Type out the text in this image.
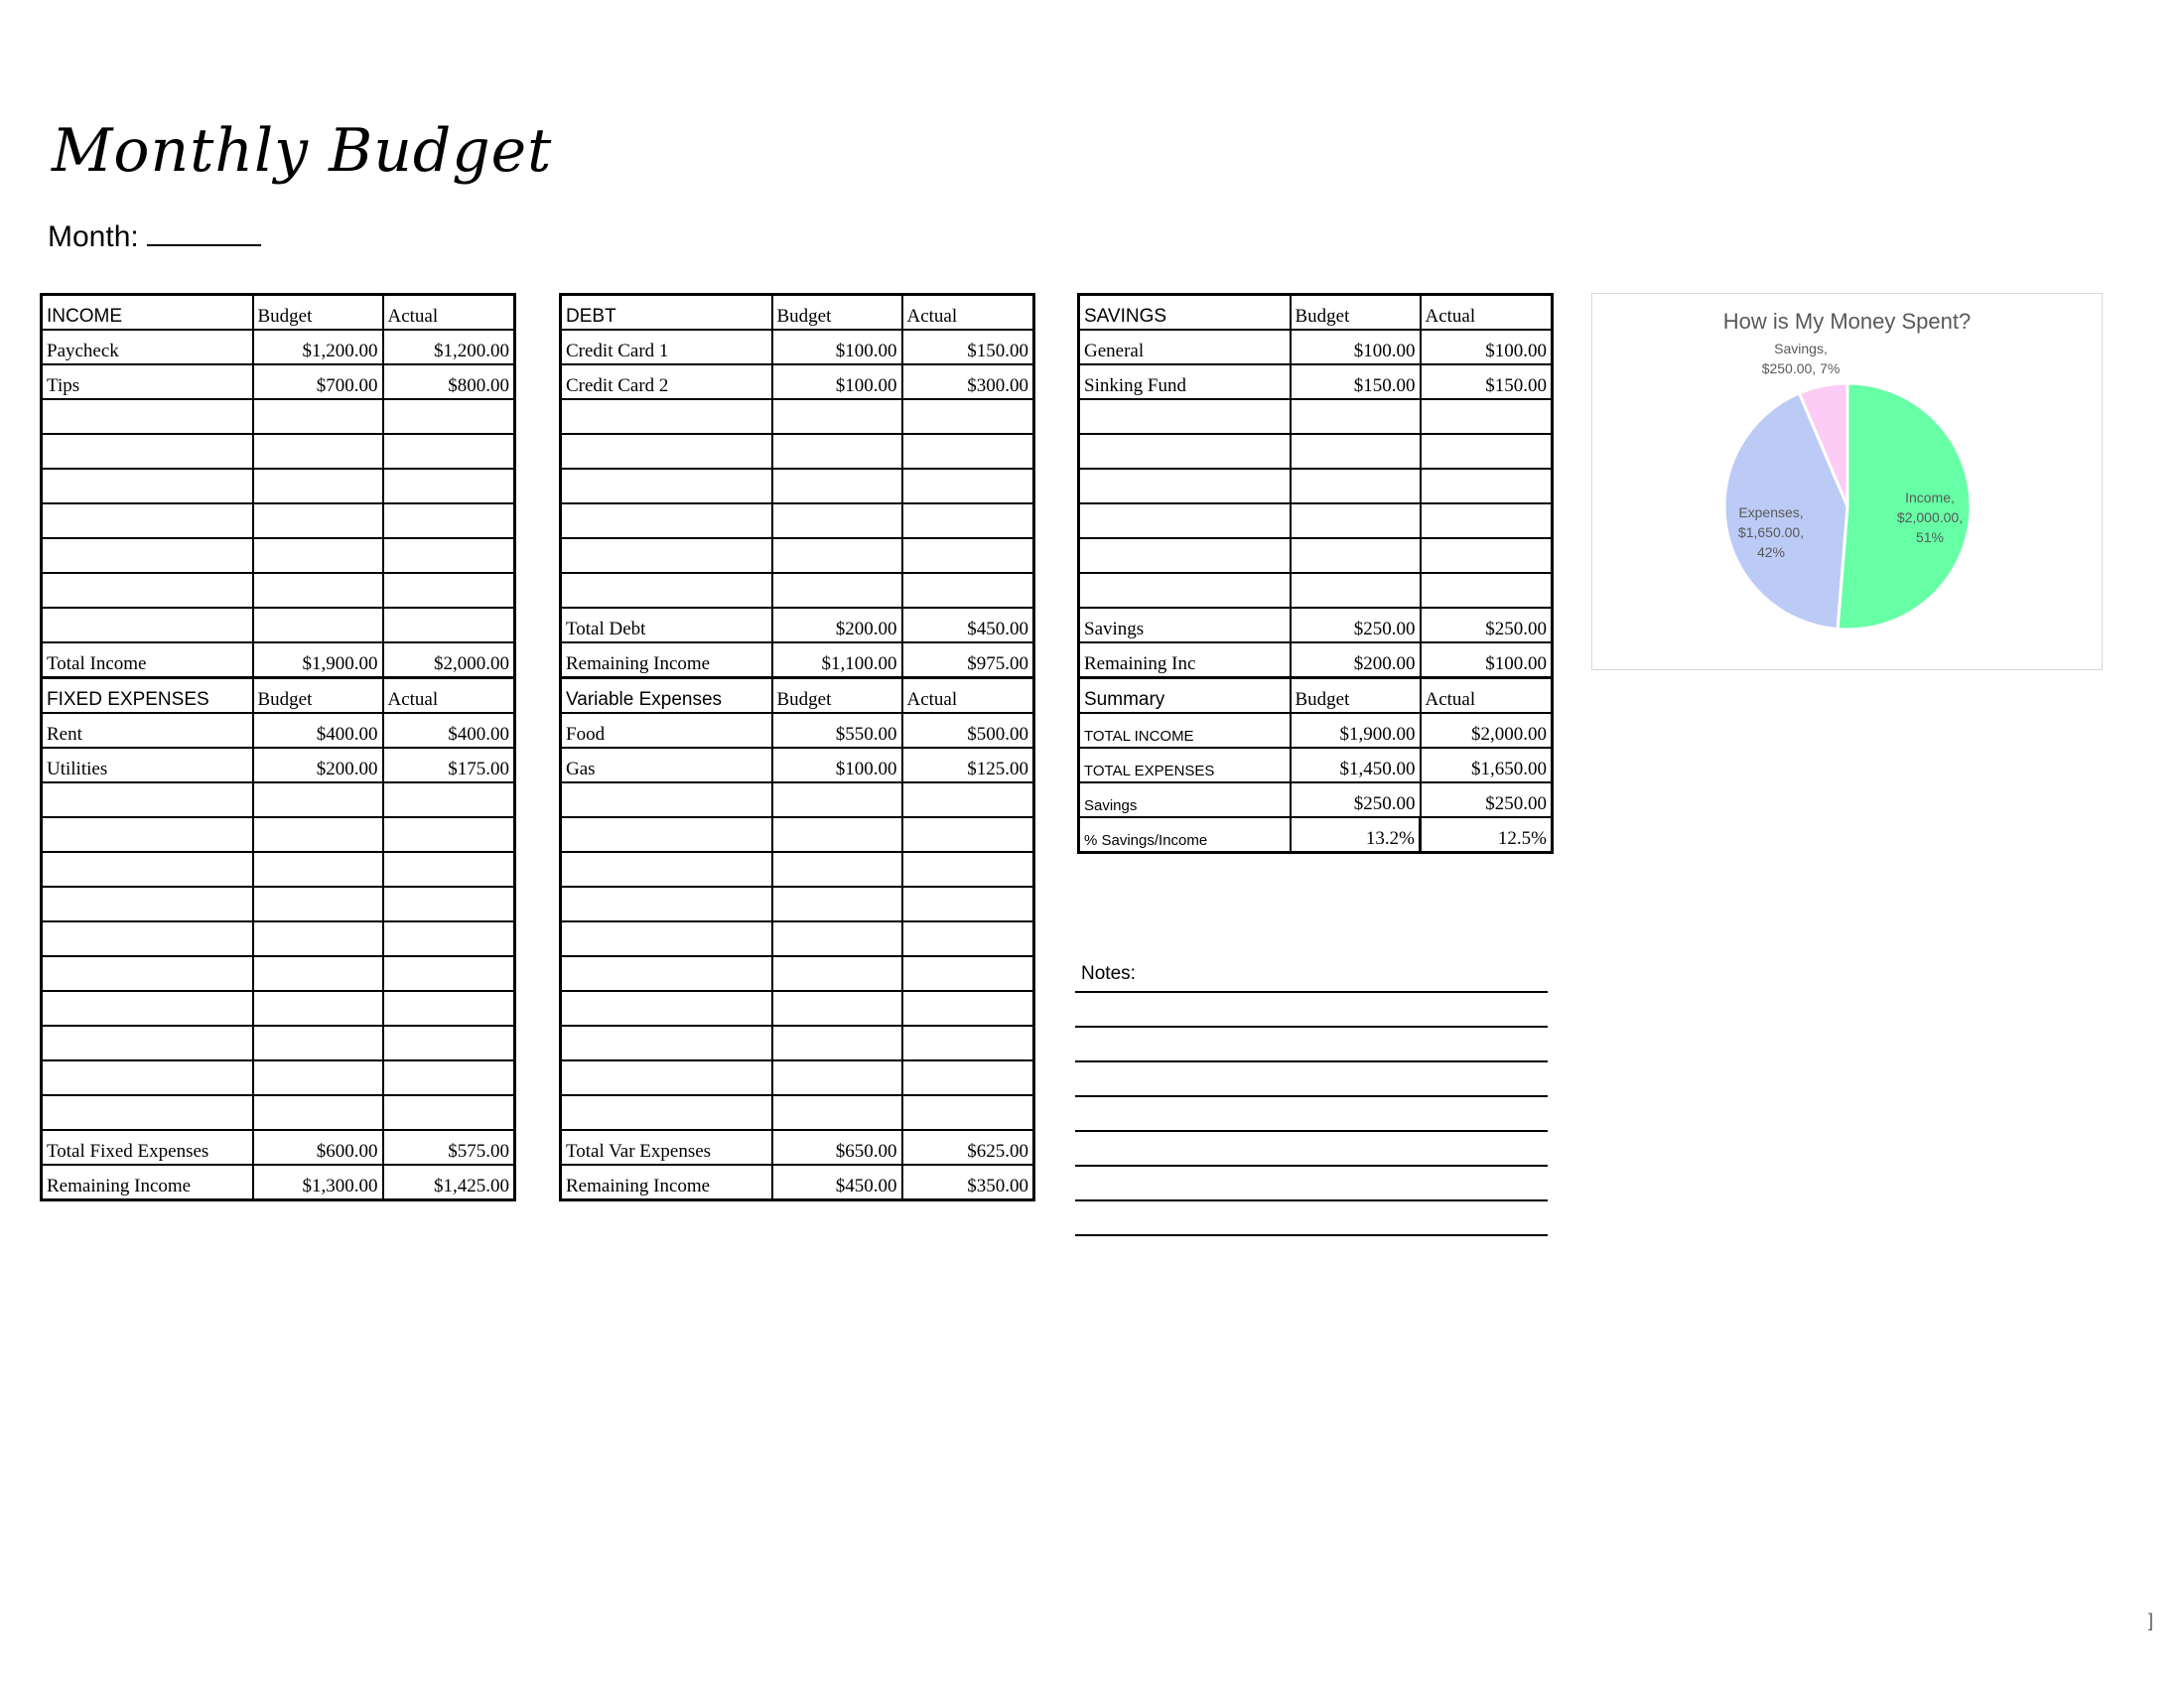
Monthly Budget
Month:
INCOME	Budget	Actual
Paycheck	$1,200.00	$1,200.00
Tips	$700.00	$800.00

Total Income	$1,900.00	$2,000.00
FIXED EXPENSES	Budget	Actual
Rent	$400.00	$400.00
Utilities	$200.00	$175.00

Total Fixed Expenses	$600.00	$575.00
Remaining Income	$1,300.00	$1,425.00
DEBT	Budget	Actual
Credit Card 1	$100.00	$150.00
Credit Card 2	$100.00	$300.00

Total Debt	$200.00	$450.00
Remaining Income	$1,100.00	$975.00
Variable Expenses	Budget	Actual
Food	$550.00	$500.00
Gas	$100.00	$125.00

Total Var Expenses	$650.00	$625.00
Remaining Income	$450.00	$350.00
SAVINGS	Budget	Actual
General	$100.00	$100.00
Sinking Fund	$150.00	$150.00

Savings	$250.00	$250.00
Remaining Inc	$200.00	$100.00
Summary	Budget	Actual
TOTAL INCOME	$1,900.00	$2,000.00
TOTAL EXPENSES	$1,450.00	$1,650.00
Savings	$250.00	$250.00
% Savings/Income	13.2%	12.5%
Notes:
How is My Money Spent?
Income, $2,000.00, 51%
Expenses, $1,650.00, 42%
Savings, $250.00, 7%
]
